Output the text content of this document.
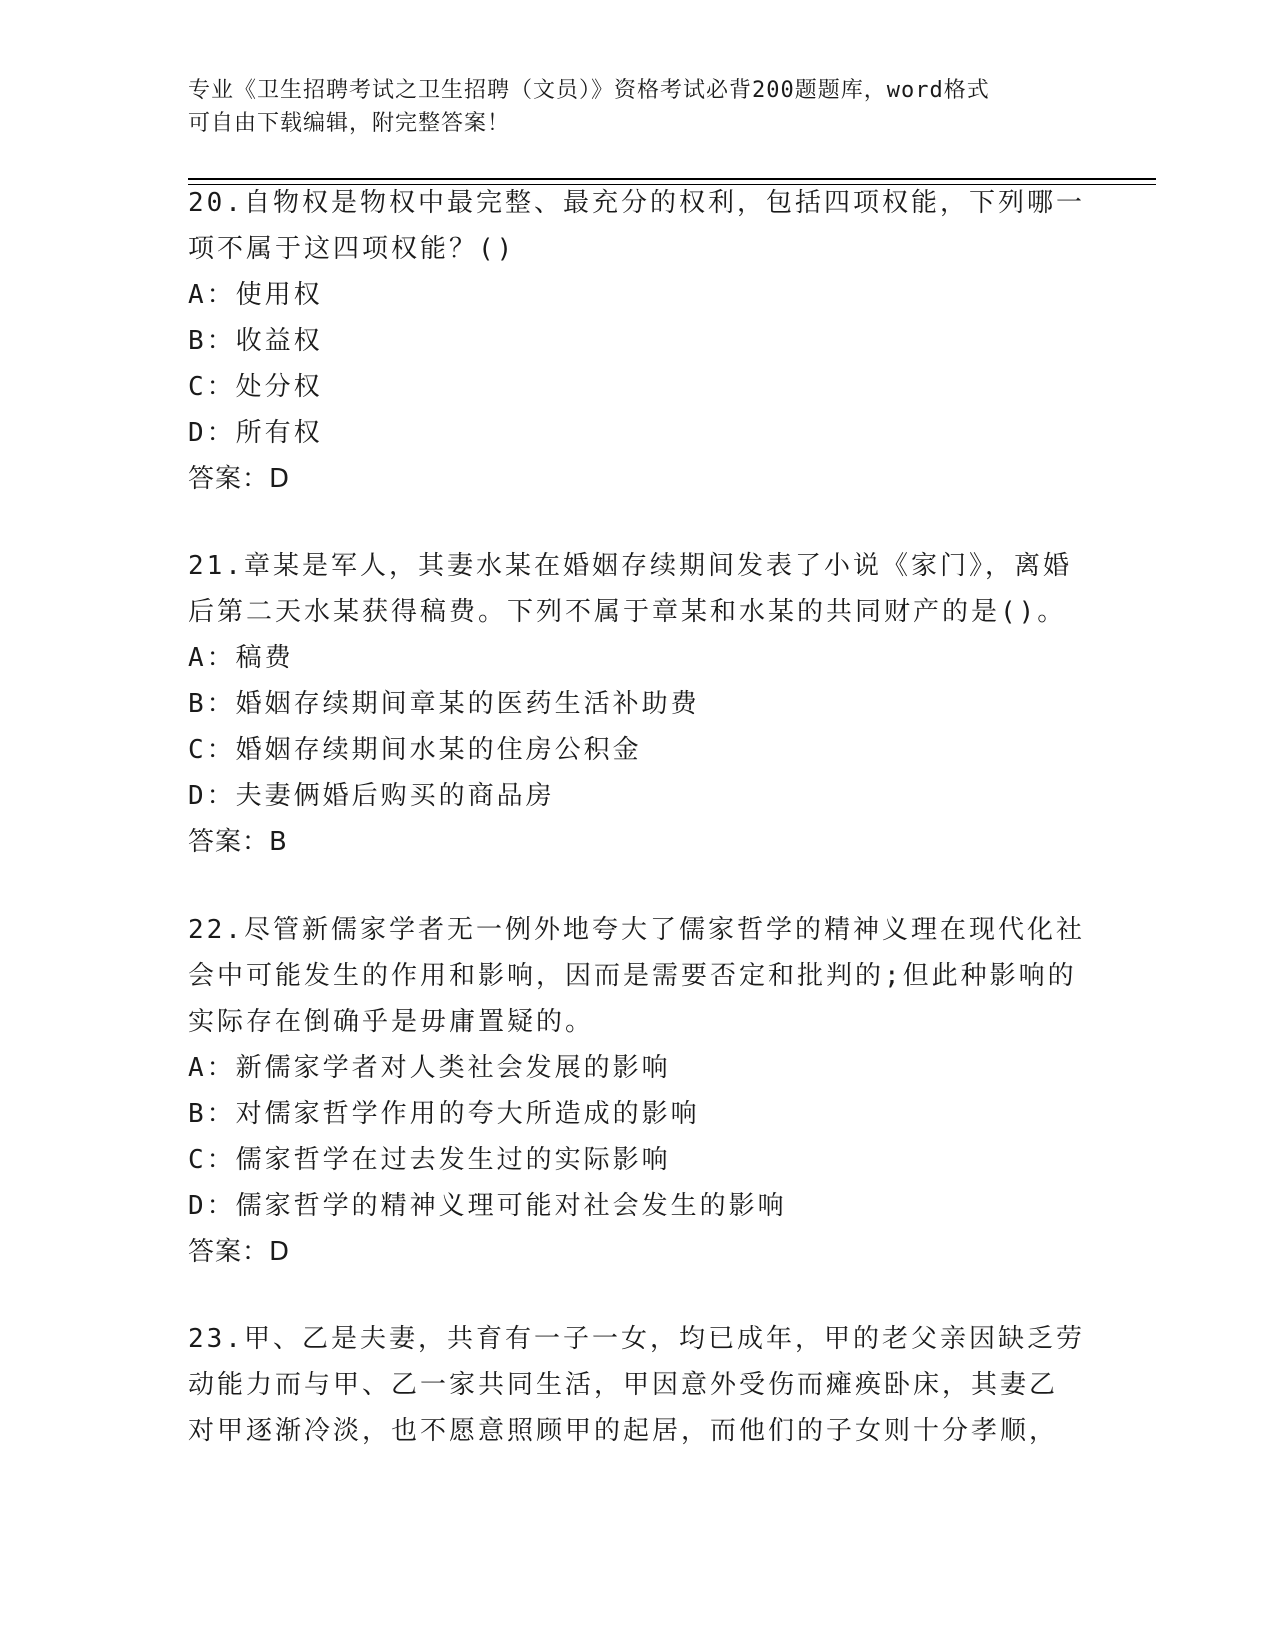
专业《卫生招聘考试之卫生招聘（文员）》资格考试必背200题题库，word格式
可自由下载编辑，附完整答案！
20.自物权是物权中最完整、最充分的权利，包括四项权能，下列哪一
项不属于这四项权能？()
A：使用权
B：收益权
C：处分权
D：所有权
答案：D
21.章某是军人，其妻水某在婚姻存续期间发表了小说《家门》，离婚
后第二天水某获得稿费。下列不属于章某和水某的共同财产的是()。
A：稿费
B：婚姻存续期间章某的医药生活补助费
C：婚姻存续期间水某的住房公积金
D：夫妻俩婚后购买的商品房
答案：B
22.尽管新儒家学者无一例外地夸大了儒家哲学的精神义理在现代化社
会中可能发生的作用和影响，因而是需要否定和批判的;但此种影响的
实际存在倒确乎是毋庸置疑的。
A：新儒家学者对人类社会发展的影响
B：对儒家哲学作用的夸大所造成的影响
C：儒家哲学在过去发生过的实际影响
D：儒家哲学的精神义理可能对社会发生的影响
答案：D
23.甲、乙是夫妻，共育有一子一女，均已成年，甲的老父亲因缺乏劳
动能力而与甲、乙一家共同生活，甲因意外受伤而瘫痪卧床，其妻乙
对甲逐渐冷淡，也不愿意照顾甲的起居，而他们的子女则十分孝顺，
